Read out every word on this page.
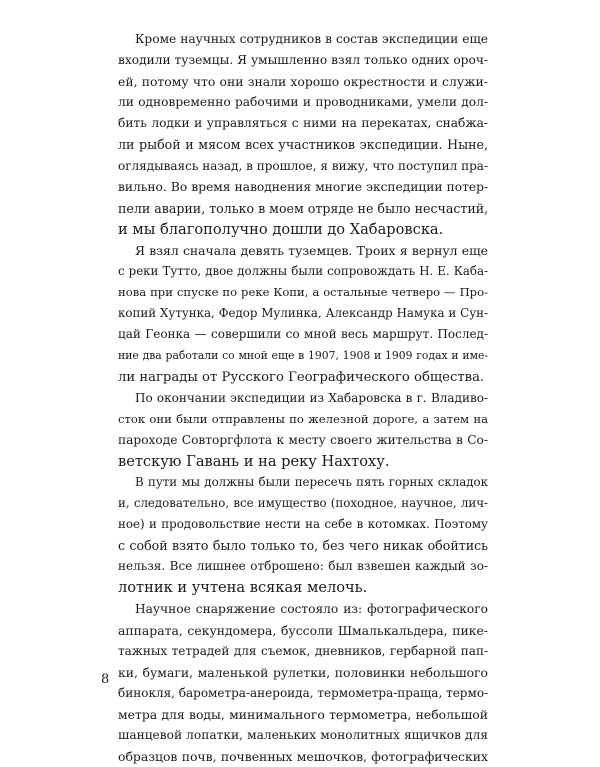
Кроме научных сотрудников в состав экспедиции еще
входили туземцы. Я умышленно взял только одних ороч-
ей, потому что они знали хорошо окрестности и служи-
ли одновременно рабочими и проводниками, умели дол-
бить лодки и управляться с ними на перекатах, снабжа-
ли рыбой и мясом всех участников экспедиции. Ныне,
оглядываясь назад, в прошлое, я вижу, что поступил пра-
вильно. Во время наводнения многие экспедиции потер-
пели аварии, только в моем отряде не было несчастий,
и мы благополучно дошли до Хабаровска.
Я взял сначала девять туземцев. Троих я вернул еще
с реки Тутто, двое должны были сопровождать Н. Е. Каба-
нова при спуске по реке Копи, а остальные четверо — Про-
копий Хутунка, Федор Мулинка, Александр Намука и Сун-
цай Геонка — совершили со мной весь маршрут. Послед-
ние два работали со мной еще в 1907, 1908 и 1909 годах и име-
ли награды от Русского Географического общества.
По окончании экспедиции из Хабаровска в г. Владиво-
сток они были отправлены по железной дороге, а затем на
пароходе Совторгфлота к месту своего жительства в Со-
ветскую Гавань и на реку Нахтоху.
В пути мы должны были пересечь пять горных складок
и, следовательно, все имущество (походное, научное, лич-
ное) и продовольствие нести на себе в котомках. Поэтому
с собой взято было только то, без чего никак обойтись
нельзя. Все лишнее отброшено: был взвешен каждый зо-
лотник и учтена всякая мелочь.
Научное снаряжение состояло из: фотографического
аппарата, секундомера, буссоли Шмалькальдера, пике-
тажных тетрадей для съемок, дневников, гербарной пап-
ки, бумаги, маленькой рулетки, половинки небольшого
бинокля, барометра-анероида, термометра-праща, термо-
метра для воды, минимального термометра, небольшой
шанцевой лопатки, маленьких монолитных ящичков для
образцов почв, почвенных мешочков, фотографических
8
